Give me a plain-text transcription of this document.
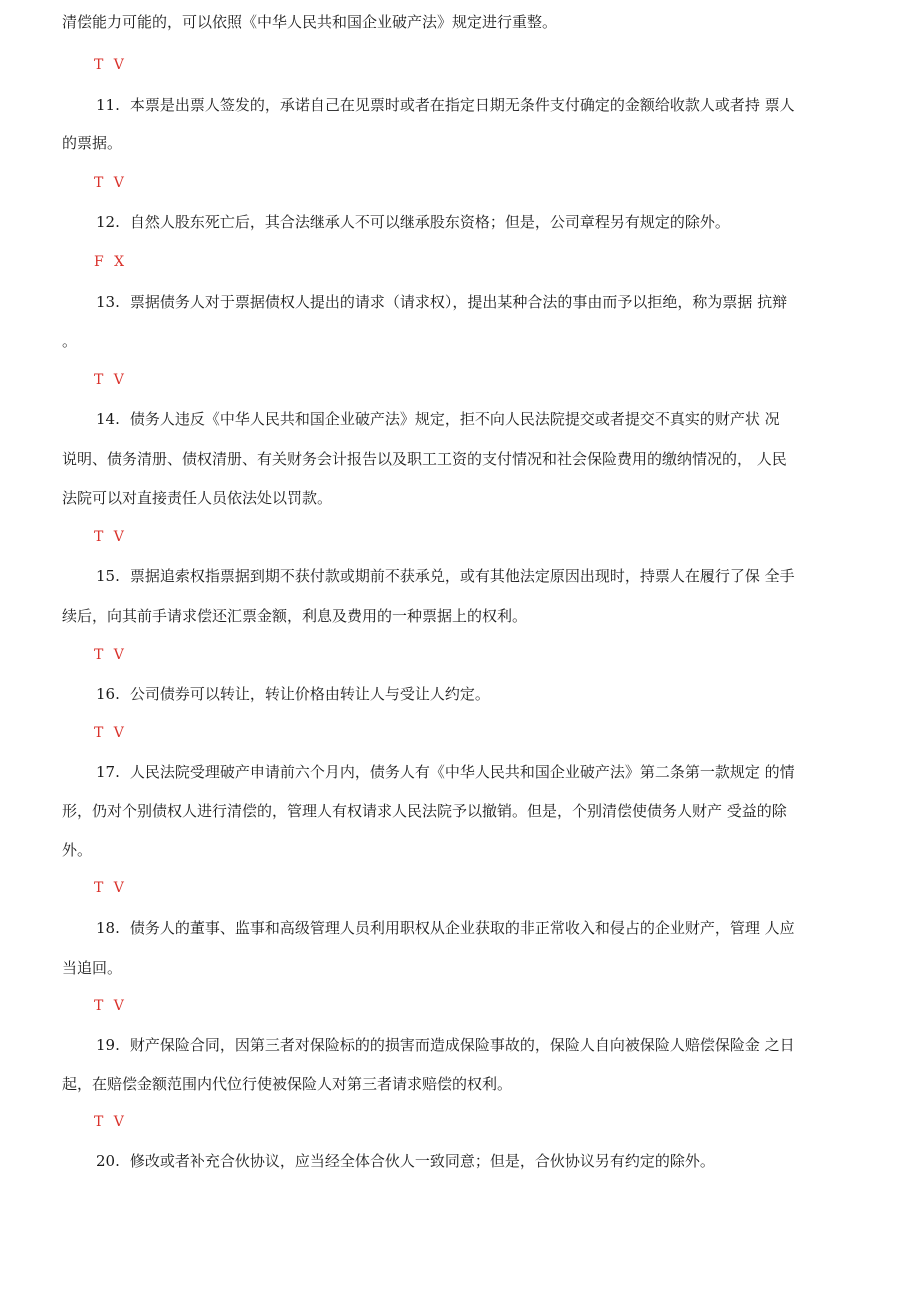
清偿能力可能的，可以依照《中华人民共和国企业破产法》规定进行重整。
T V
11. 本票是出票人签发的，承诺自己在见票时或者在指定日期无条件支付确定的金额给收款人或者持 票人
的票据。
T V
12. 自然人股东死亡后，其合法继承人不可以继承股东资格；但是，公司章程另有规定的除外。
F X
13. 票据债务人对于票据债权人提出的请求（请求权），提出某种合法的事由而予以拒绝，称为票据 抗辩
。
T V
14. 债务人违反《中华人民共和国企业破产法》规定，拒不向人民法院提交或者提交不真实的财产状 况
说明、债务清册、债权清册、有关财务会计报告以及职工工资的支付情况和社会保险费用的缴纳情况的， 人民
法院可以对直接责任人员依法处以罚款。
T V
15. 票据追索权指票据到期不获付款或期前不获承兑，或有其他法定原因出现时，持票人在履行了保 全手
续后，向其前手请求偿还汇票金额，利息及费用的一种票据上的权利。
T V
16. 公司债券可以转让，转让价格由转让人与受让人约定。
T V
17. 人民法院受理破产申请前六个月内，债务人有《中华人民共和国企业破产法》第二条第一款规定 的情
形，仍对个别债权人进行清偿的，管理人有权请求人民法院予以撤销。但是，个别清偿使债务人财产 受益的除
外。
T V
18. 债务人的董事、监事和高级管理人员利用职权从企业获取的非正常收入和侵占的企业财产，管理 人应
当追回。
T V
19. 财产保险合同，因第三者对保险标的的损害而造成保险事故的，保险人自向被保险人赔偿保险金 之日
起，在赔偿金额范围内代位行使被保险人对第三者请求赔偿的权利。
T V
20. 修改或者补充合伙协议，应当经全体合伙人一致同意；但是，合伙协议另有约定的除外。
